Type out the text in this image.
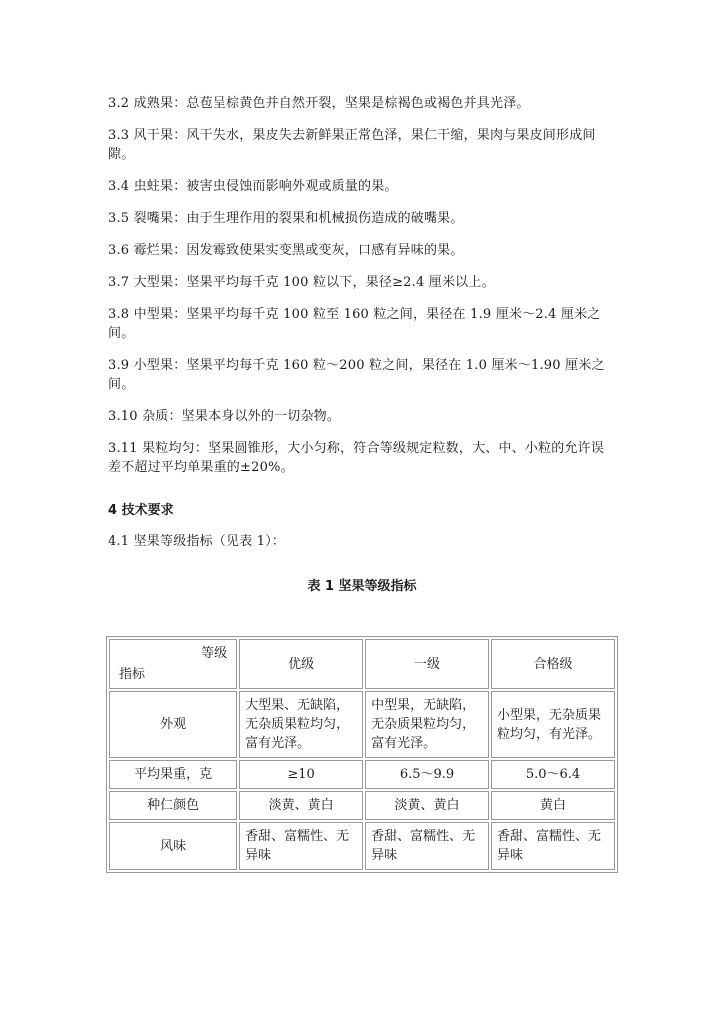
3.2 成熟果：总苞呈棕黄色并自然开裂，坚果是棕褐色或褐色并具光泽。

3.3 风干果：风干失水，果皮失去新鲜果正常色泽，果仁干缩，果肉与果皮间形成间隙。

3.4 虫蛀果：被害虫侵蚀而影响外观或质量的果。

3.5 裂嘴果：由于生理作用的裂果和机械损伤造成的破嘴果。

3.6 霉烂果：因发霉致使果实变黑或变灰，口感有异味的果。

3.7 大型果：坚果平均每千克 100 粒以下，果径≥2.4 厘米以上。

3.8 中型果：坚果平均每千克 100 粒至 160 粒之间，果径在 1.9 厘米～2.4 厘米之间。

3.9 小型果：坚果平均每千克 160 粒～200 粒之间，果径在 1.0 厘米～1.90 厘米之间。

3.10 杂质：坚果本身以外的一切杂物。

3.11 果粒均匀：坚果圆锥形，大小匀称，符合等级规定粒数，大、中、小粒的允许误差不超过平均单果重的±20%。

4 技术要求

4.1 坚果等级指标（见表 1）：

表 1 坚果等级指标
等级
指标	优级	一级	合格级
外观	大型果、无缺陷，无杂质果粒均匀，富有光泽。	中型果，无缺陷，无杂质果粒均匀，富有光泽。	小型果，无杂质果粒均匀，有光泽。
平均果重，克	≥10	6.5～9.9	5.0～6.4
种仁颜色	淡黄、黄白	淡黄、黄白	黄白
风味	香甜、富糯性、无异味	香甜、富糯性、无异味	香甜、富糯性、无异味
